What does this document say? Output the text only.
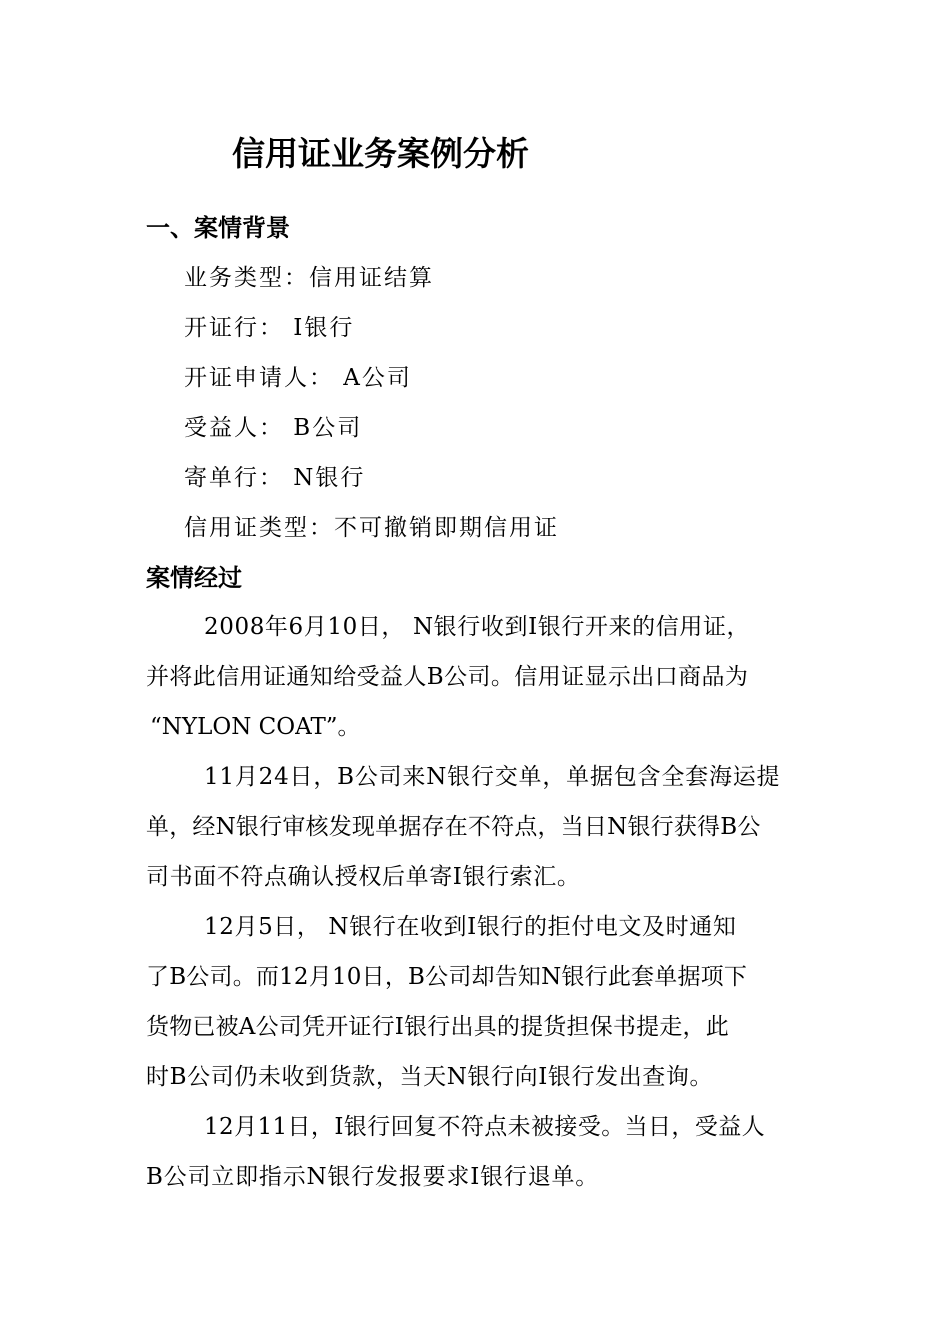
信用证业务案例分析
一、案情背景
业务类型：信用证结算
开证行： I银行
开证申请人： A公司
受益人： B公司
寄单行： N银行
信用证类型：不可撤销即期信用证
案情经过
2008年6月10日， N银行收到I银行开来的信用证，
并将此信用证通知给受益人B公司。信用证显示出口商品为
“NYLON COAT”。
11月24日，B公司来N银行交单，单据包含全套海运提
单，经N银行审核发现单据存在不符点，当日N银行获得B公
司书面不符点确认授权后单寄I银行索汇。
12月5日， N银行在收到I银行的拒付电文及时通知
了B公司。而12月10日，B公司却告知N银行此套单据项下
货物已被A公司凭开证行I银行出具的提货担保书提走，此
时B公司仍未收到货款，当天N银行向I银行发出查询。
12月11日，I银行回复不符点未被接受。当日，受益人
B公司立即指示N银行发报要求I银行退单。
